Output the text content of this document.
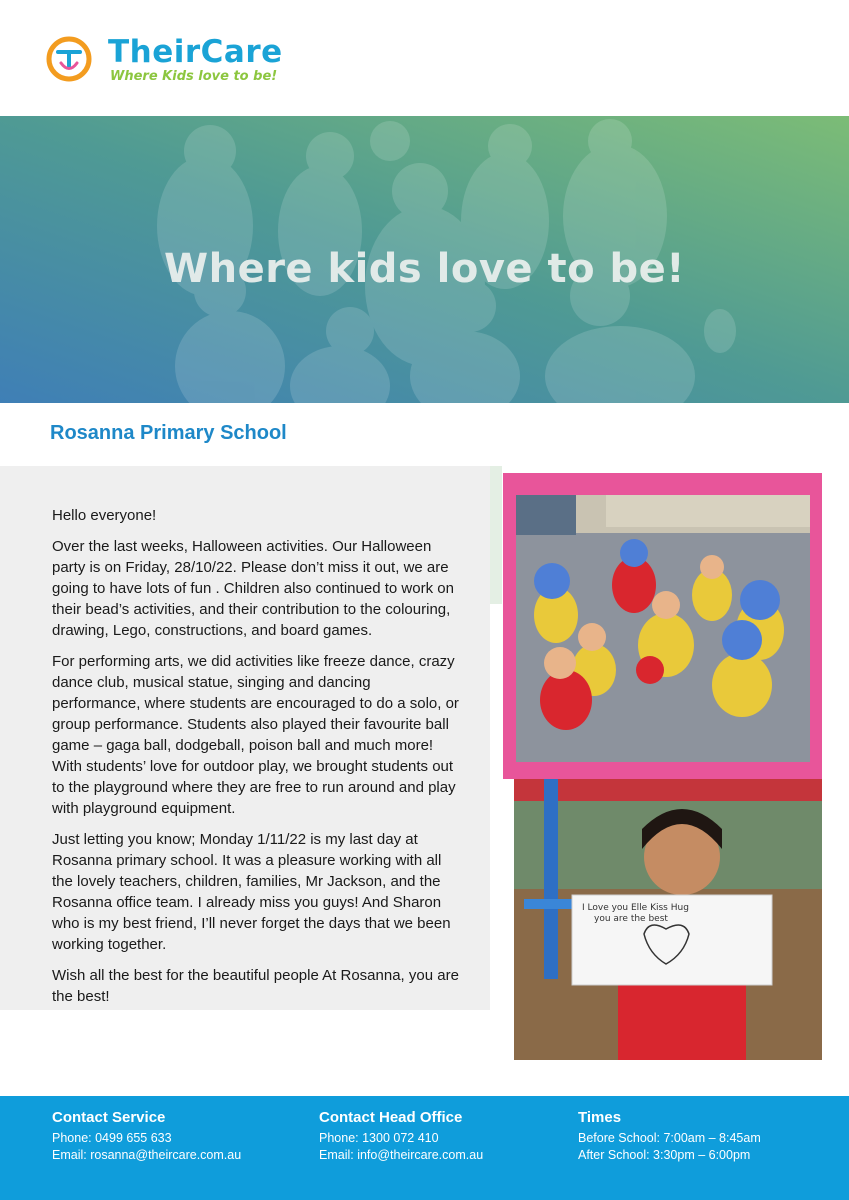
TheirCare
Where Kids love to be!
Where kids love to be!
Rosanna Primary School

Hello everyone!

Over the last weeks, Halloween activities. Our Halloween party is on Friday, 28/10/22. Please don’t miss it out, we are going to have lots of fun . Children also continued to work on their bead’s activities, and their contribution to the colouring, drawing, Lego, constructions, and board games.

For performing arts, we did activities like freeze dance, crazy dance club, musical statue, singing and dancing performance, where students are encouraged to do a solo, or group performance. Students also played their favourite ball game – gaga ball, dodgeball, poison ball and much more! With students’ love for outdoor play, we brought students out to the playground where they are free to run around and play with playground equipment.

Just letting you know; Monday 1/11/22 is my last day at Rosanna primary school. It was a pleasure working with all the lovely teachers, children, families, Mr Jackson, and the Rosanna office team. I already miss you guys! And Sharon who is my best friend, I’ll never forget the days that we been working together.

Wish all the best for the beautiful people At Rosanna, you are the best!

I Love you Elle Kiss Hug
you are the best
Contact Service
Phone: 0499 655 633
Email: rosanna@theircare.com.au
Contact Head Office
Phone: 1300 072 410
Email: info@theircare.com.au
Times
Before School: 7:00am – 8:45am
After School: 3:30pm – 6:00pm
